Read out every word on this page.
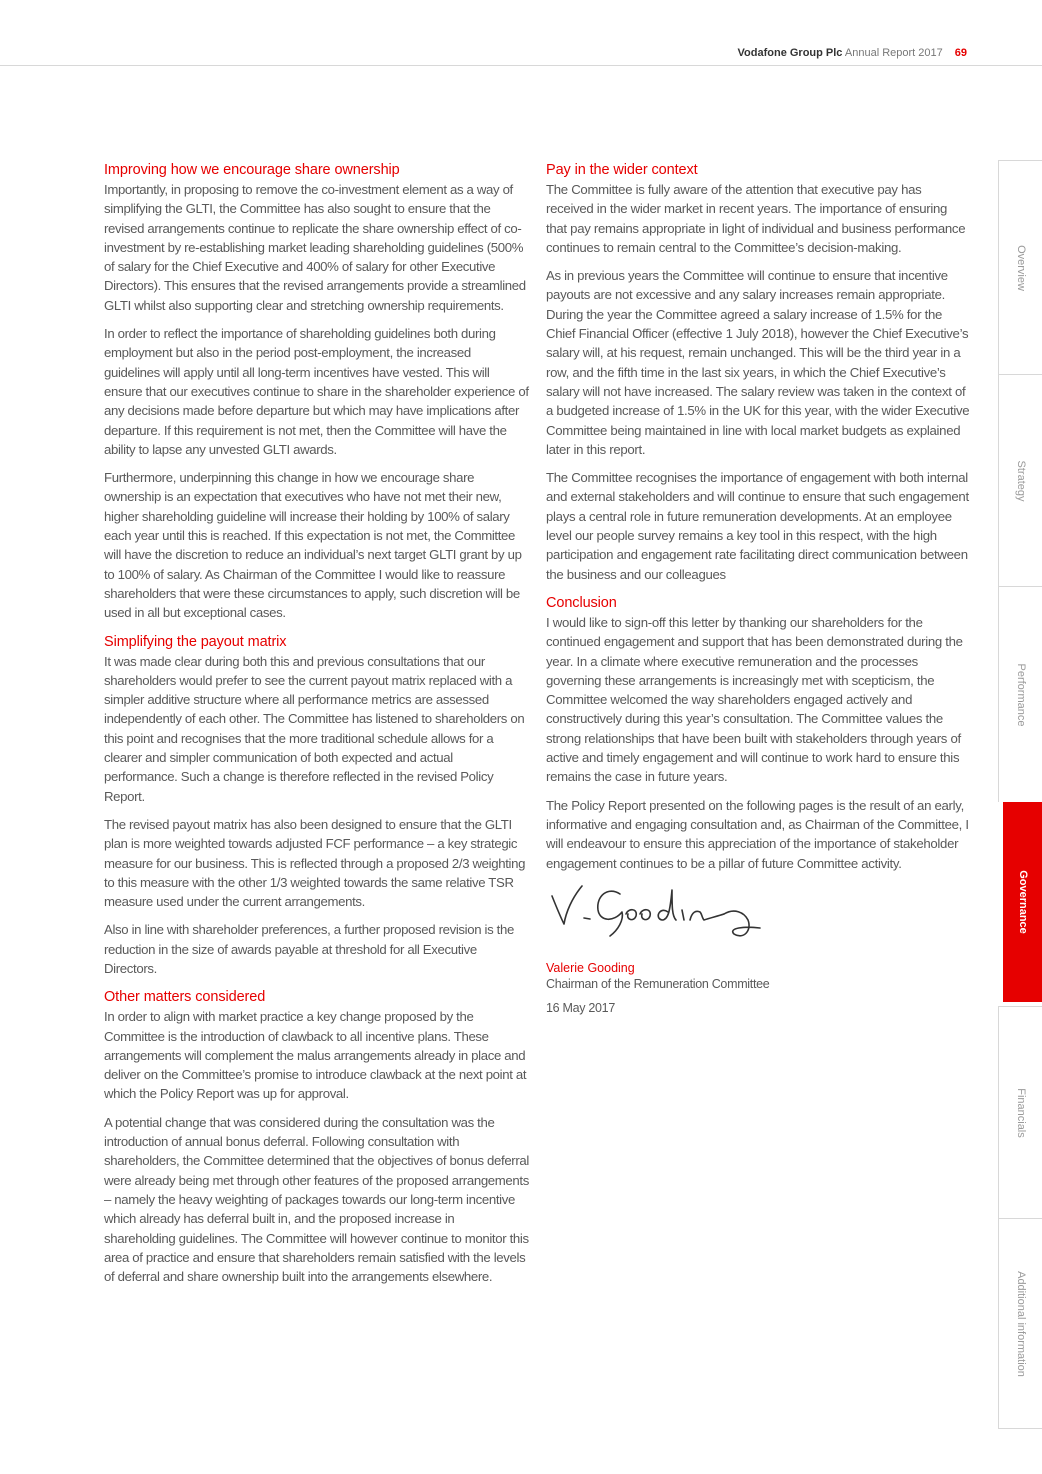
Vodafone Group Plc Annual Report 2017 69
Improving how we encourage share ownership

Importantly, in proposing to remove the co-investment element as a way of simplifying the GLTI, the Committee has also sought to ensure that the revised arrangements continue to replicate the share ownership effect of co-investment by re-establishing market leading shareholding guidelines (500% of salary for the Chief Executive and 400% of salary for other Executive Directors). This ensures that the revised arrangements provide a streamlined GLTI whilst also supporting clear and stretching ownership requirements.

In order to reflect the importance of shareholding guidelines both during employment but also in the period post-employment, the increased guidelines will apply until all long-term incentives have vested. This will ensure that our executives continue to share in the shareholder experience of any decisions made before departure but which may have implications after departure. If this requirement is not met, then the Committee will have the ability to lapse any unvested GLTI awards.

Furthermore, underpinning this change in how we encourage share ownership is an expectation that executives who have not met their new, higher shareholding guideline will increase their holding by 100% of salary each year until this is reached. If this expectation is not met, the Committee will have the discretion to reduce an individual’s next target GLTI grant by up to 100% of salary. As Chairman of the Committee I would like to reassure shareholders that were these circumstances to apply, such discretion will be used in all but exceptional cases.

Simplifying the payout matrix

It was made clear during both this and previous consultations that our shareholders would prefer to see the current payout matrix replaced with a simpler additive structure where all performance metrics are assessed independently of each other. The Committee has listened to shareholders on this point and recognises that the more traditional schedule allows for a clearer and simpler communication of both expected and actual performance. Such a change is therefore reflected in the revised Policy Report.

The revised payout matrix has also been designed to ensure that the GLTI plan is more weighted towards adjusted FCF performance – a key strategic measure for our business. This is reflected through a proposed 2/3 weighting to this measure with the other 1/3 weighted towards the same relative TSR measure used under the current arrangements.

Also in line with shareholder preferences, a further proposed revision is the reduction in the size of awards payable at threshold for all Executive Directors.

Other matters considered

In order to align with market practice a key change proposed by the Committee is the introduction of clawback to all incentive plans. These arrangements will complement the malus arrangements already in place and deliver on the Committee’s promise to introduce clawback at the next point at which the Policy Report was up for approval.

A potential change that was considered during the consultation was the introduction of annual bonus deferral. Following consultation with shareholders, the Committee determined that the objectives of bonus deferral were already being met through other features of the proposed arrangements – namely the heavy weighting of packages towards our long-term incentive which already has deferral built in, and the proposed increase in shareholding guidelines. The Committee will however continue to monitor this area of practice and ensure that shareholders remain satisfied with the levels of deferral and share ownership built into the arrangements elsewhere.

Pay in the wider context

The Committee is fully aware of the attention that executive pay has received in the wider market in recent years. The importance of ensuring that pay remains appropriate in light of individual and business performance continues to remain central to the Committee’s decision-making.

As in previous years the Committee will continue to ensure that incentive payouts are not excessive and any salary increases remain appropriate. During the year the Committee agreed a salary increase of 1.5% for the Chief Financial Officer (effective 1 July 2018), however the Chief Executive’s salary will, at his request, remain unchanged. This will be the third year in a row, and the fifth time in the last six years, in which the Chief Executive’s salary will not have increased. The salary review was taken in the context of a budgeted increase of 1.5% in the UK for this year, with the wider Executive Committee being maintained in line with local market budgets as explained later in this report.

The Committee recognises the importance of engagement with both internal and external stakeholders and will continue to ensure that such engagement plays a central role in future remuneration developments. At an employee level our people survey remains a key tool in this respect, with the high participation and engagement rate facilitating direct communication between the business and our colleagues

Conclusion

I would like to sign-off this letter by thanking our shareholders for the continued engagement and support that has been demonstrated during the year. In a climate where executive remuneration and the processes governing these arrangements is increasingly met with scepticism, the Committee welcomed the way shareholders engaged actively and constructively during this year’s consultation. The Committee values the strong relationships that have been built with stakeholders through years of active and timely engagement and will continue to work hard to ensure this remains the case in future years.

The Policy Report presented on the following pages is the result of an early, informative and engaging consultation and, as Chairman of the Committee, I will endeavour to ensure this appreciation of the importance of stakeholder engagement continues to be a pillar of future Committee activity.

Valerie Gooding
Chairman of the Remuneration Committee
16 May 2017
Overview
Strategy
Performance
Governance
Financials
Additional information
